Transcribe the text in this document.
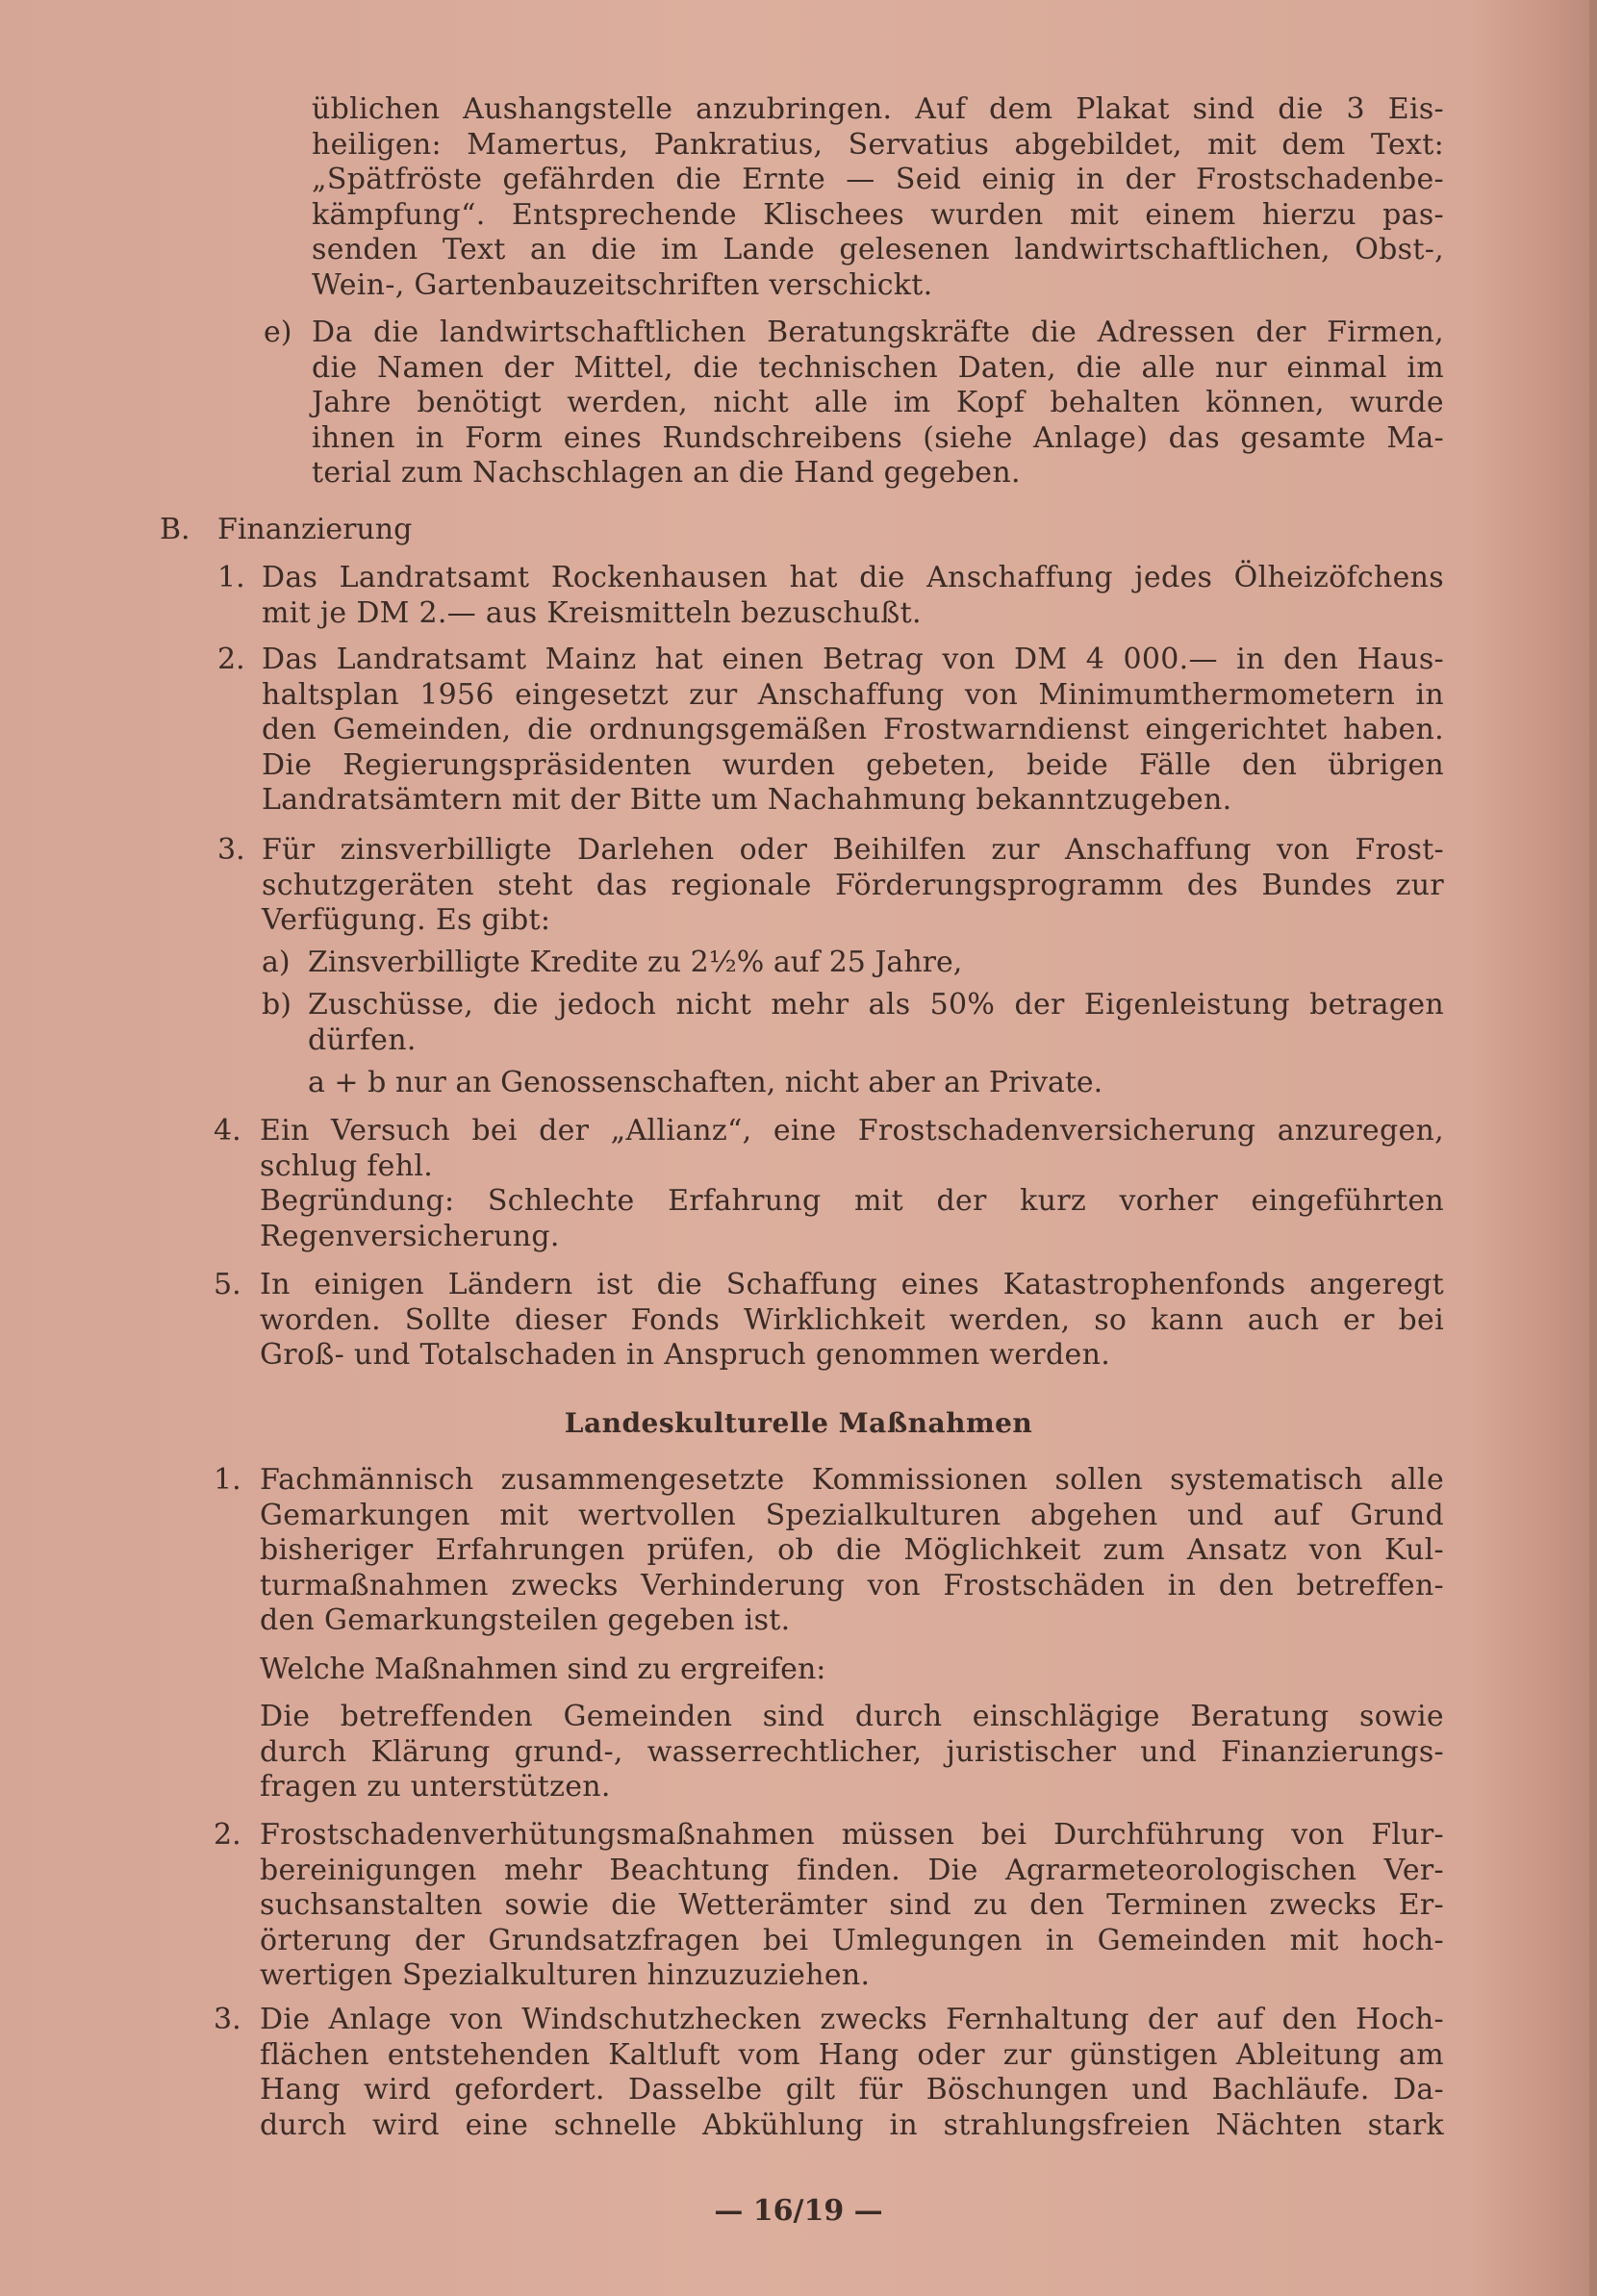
üblichen Aushangstelle anzubringen. Auf dem Plakat sind die 3 Eis-
heiligen: Mamertus, Pankratius, Servatius abgebildet, mit dem Text:
„Spätfröste gefährden die Ernte — Seid einig in der Frostschadenbe-
kämpfung“. Entsprechende Klischees wurden mit einem hierzu pas-
senden Text an die im Lande gelesenen landwirtschaftlichen, Obst-,
Wein-, Gartenbauzeitschriften verschickt.
e) Da die landwirtschaftlichen Beratungskräfte die Adressen der Firmen,
die Namen der Mittel, die technischen Daten, die alle nur einmal im
Jahre benötigt werden, nicht alle im Kopf behalten können, wurde
ihnen in Form eines Rundschreibens (siehe Anlage) das gesamte Ma-
terial zum Nachschlagen an die Hand gegeben.
B. Finanzierung
1. Das Landratsamt Rockenhausen hat die Anschaffung jedes Ölheizöfchens
mit je DM 2.— aus Kreismitteln bezuschußt.
2. Das Landratsamt Mainz hat einen Betrag von DM 4 000.— in den Haus-
haltsplan 1956 eingesetzt zur Anschaffung von Minimumthermometern in
den Gemeinden, die ordnungsgemäßen Frostwarndienst eingerichtet haben.
Die Regierungspräsidenten wurden gebeten, beide Fälle den übrigen
Landratsämtern mit der Bitte um Nachahmung bekanntzugeben.
3. Für zinsverbilligte Darlehen oder Beihilfen zur Anschaffung von Frost-
schutzgeräten steht das regionale Förderungsprogramm des Bundes zur
Verfügung. Es gibt:
a) Zinsverbilligte Kredite zu 2½% auf 25 Jahre,
b) Zuschüsse, die jedoch nicht mehr als 50% der Eigenleistung betragen
dürfen.
a + b nur an Genossenschaften, nicht aber an Private.
4. Ein Versuch bei der „Allianz“, eine Frostschadenversicherung anzuregen,
schlug fehl.
Begründung: Schlechte Erfahrung mit der kurz vorher eingeführten
Regenversicherung.
5. In einigen Ländern ist die Schaffung eines Katastrophenfonds angeregt
worden. Sollte dieser Fonds Wirklichkeit werden, so kann auch er bei
Groß- und Totalschaden in Anspruch genommen werden.
Landeskulturelle Maßnahmen
1. Fachmännisch zusammengesetzte Kommissionen sollen systematisch alle
Gemarkungen mit wertvollen Spezialkulturen abgehen und auf Grund
bisheriger Erfahrungen prüfen, ob die Möglichkeit zum Ansatz von Kul-
turmaßnahmen zwecks Verhinderung von Frostschäden in den betreffen-
den Gemarkungsteilen gegeben ist.
Welche Maßnahmen sind zu ergreifen:
Die betreffenden Gemeinden sind durch einschlägige Beratung sowie
durch Klärung grund-, wasserrechtlicher, juristischer und Finanzierungs-
fragen zu unterstützen.
2. Frostschadenverhütungsmaßnahmen müssen bei Durchführung von Flur-
bereinigungen mehr Beachtung finden. Die Agrarmeteorologischen Ver-
suchsanstalten sowie die Wetterämter sind zu den Terminen zwecks Er-
örterung der Grundsatzfragen bei Umlegungen in Gemeinden mit hoch-
wertigen Spezialkulturen hinzuzuziehen.
3. Die Anlage von Windschutzhecken zwecks Fernhaltung der auf den Hoch-
flächen entstehenden Kaltluft vom Hang oder zur günstigen Ableitung am
Hang wird gefordert. Dasselbe gilt für Böschungen und Bachläufe. Da-
durch wird eine schnelle Abkühlung in strahlungsfreien Nächten stark
— 16/19 —
